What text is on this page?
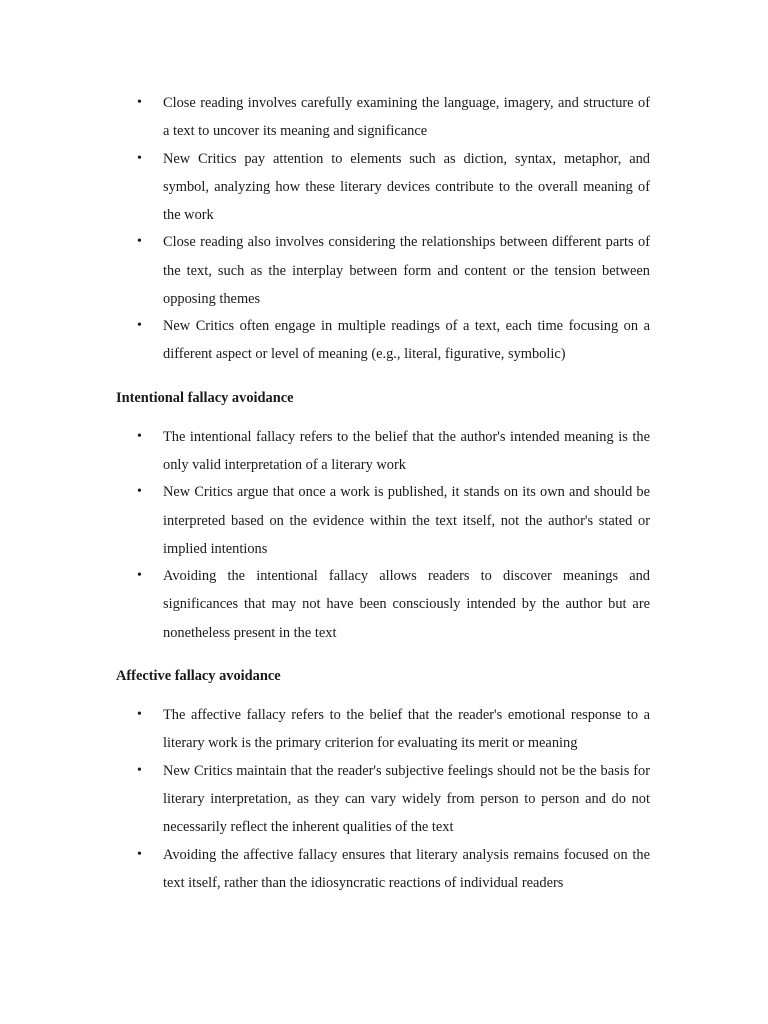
• Close reading involves carefully examining the language, imagery, and structure of a text to uncover its meaning and significance
• New Critics pay attention to elements such as diction, syntax, metaphor, and symbol, analyzing how these literary devices contribute to the overall meaning of the work
• Close reading also involves considering the relationships between different parts of the text, such as the interplay between form and content or the tension between opposing themes
• New Critics often engage in multiple readings of a text, each time focusing on a different aspect or level of meaning (e.g., literal, figurative, symbolic)
Intentional fallacy avoidance
• The intentional fallacy refers to the belief that the author's intended meaning is the only valid interpretation of a literary work
• New Critics argue that once a work is published, it stands on its own and should be interpreted based on the evidence within the text itself, not the author's stated or implied intentions
• Avoiding the intentional fallacy allows readers to discover meanings and significances that may not have been consciously intended by the author but are nonetheless present in the text
Affective fallacy avoidance
• The affective fallacy refers to the belief that the reader's emotional response to a literary work is the primary criterion for evaluating its merit or meaning
• New Critics maintain that the reader's subjective feelings should not be the basis for literary interpretation, as they can vary widely from person to person and do not necessarily reflect the inherent qualities of the text
• Avoiding the affective fallacy ensures that literary analysis remains focused on the text itself, rather than the idiosyncratic reactions of individual readers
